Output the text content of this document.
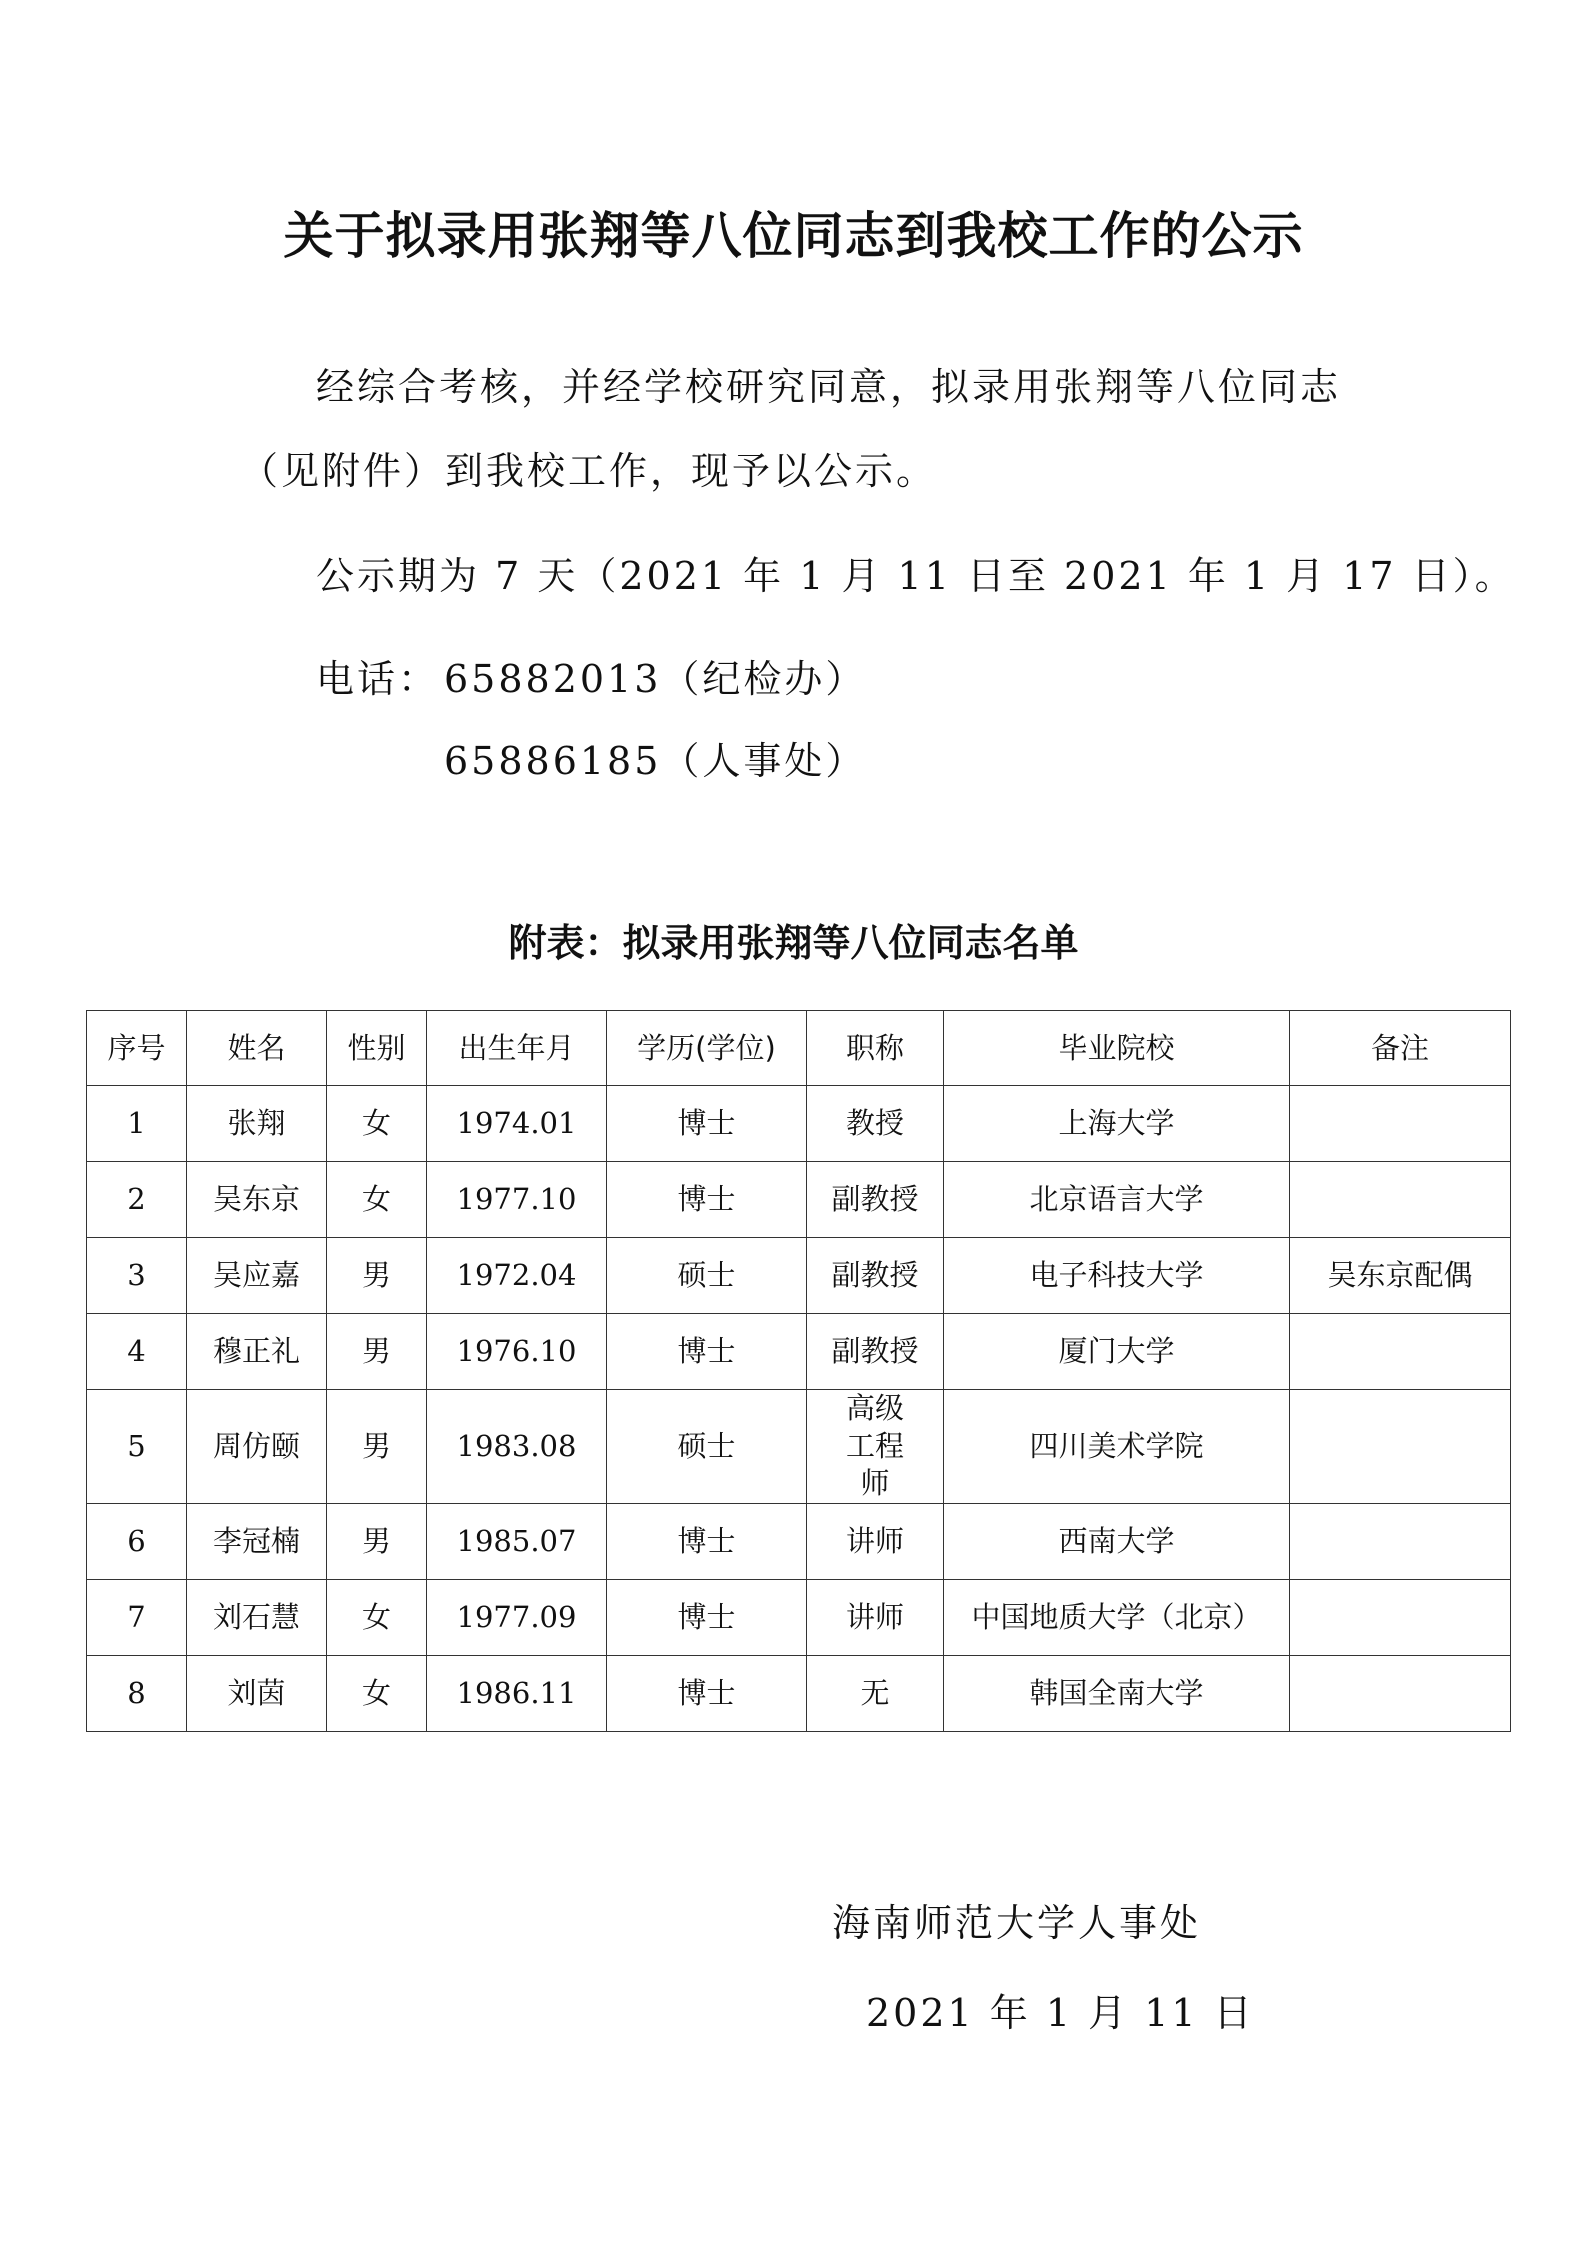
关于拟录用张翔等八位同志到我校工作的公示

经综合考核，并经学校研究同意，拟录用张翔等八位同志

（见附件）到我校工作，现予以公示。

公示期为 7 天（2021 年 1 月 11 日至 2021 年 1 月 17 日）。

电话： 65882013（纪检办）

65886185（人事处）

附表：拟录用张翔等八位同志名单
序号	姓名	性别	出生年月	学历(学位)	职称	毕业院校	备注
1	张翔	女	1974.01	博士	教授	上海大学	
2	吴东京	女	1977.10	博士	副教授	北京语言大学	
3	吴应嘉	男	1972.04	硕士	副教授	电子科技大学	吴东京配偶
4	穆正礼	男	1976.10	博士	副教授	厦门大学	
5	周仿颐	男	1983.08	硕士	高级工程师	四川美术学院	
6	李冠楠	男	1985.07	博士	讲师	西南大学	
7	刘石慧	女	1977.09	博士	讲师	中国地质大学（北京）	
8	刘茵	女	1986.11	博士	无	韩国全南大学	

海南师范大学人事处

2021 年 1 月 11 日
